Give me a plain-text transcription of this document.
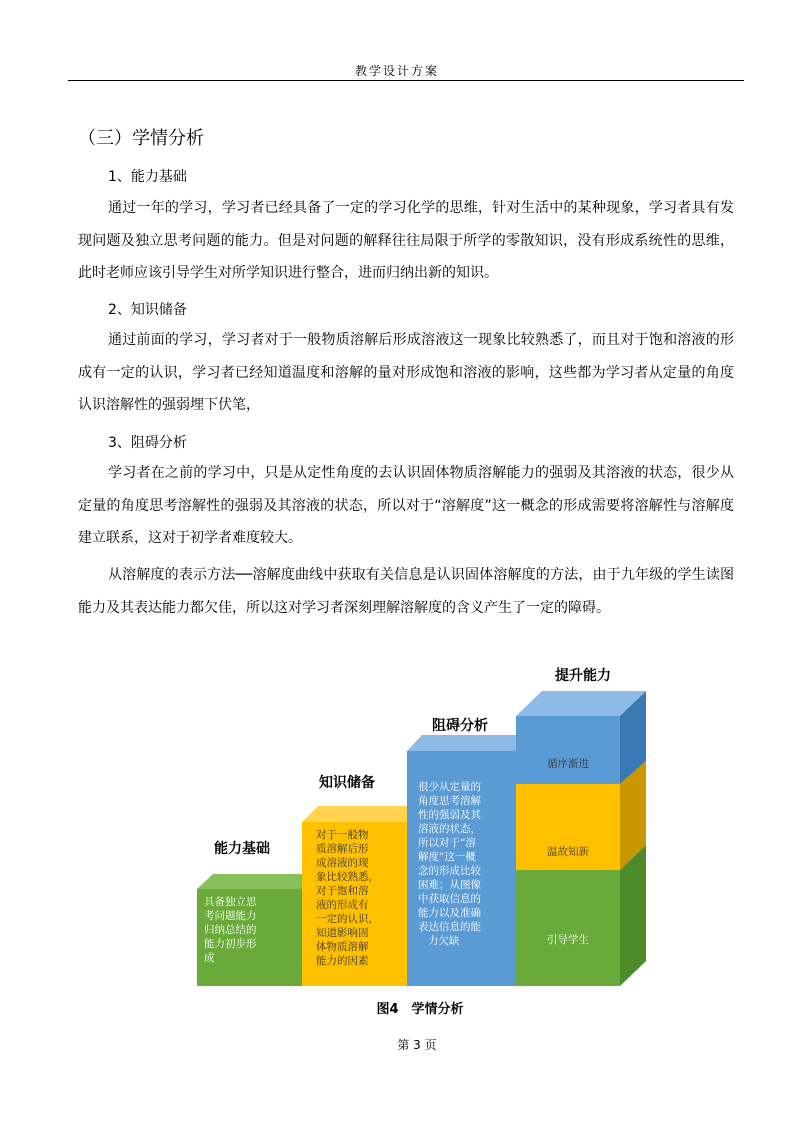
教学设计方案
（三）学情分析
1、能力基础

通过一年的学习，学习者已经具备了一定的学习化学的思维，针对生活中的某种现象，学习者具有发现问题及独立思考问题的能力。但是对问题的解释往往局限于所学的零散知识，没有形成系统性的思维，此时老师应该引导学生对所学知识进行整合，进而归纳出新的知识。

2、知识储备

通过前面的学习，学习者对于一般物质溶解后形成溶液这一现象比较熟悉了，而且对于饱和溶液的形成有一定的认识，学习者已经知道温度和溶解的量对形成饱和溶液的影响，这些都为学习者从定量的角度认识溶解性的强弱埋下伏笔，

3、阻碍分析

学习者在之前的学习中，只是从定性角度的去认识固体物质溶解能力的强弱及其溶液的状态，很少从定量的角度思考溶解性的强弱及其溶液的状态，所以对于“溶解度”这一概念的形成需要将溶解性与溶解度建立联系，这对于初学者难度较大。

从溶解度的表示方法──溶解度曲线中获取有关信息是认识固体溶解度的方法，由于九年级的学生读图能力及其表达能力都欠佳，所以这对学习者深刻理解溶解度的含义产生了一定的障碍。

能力基础
具备独立思 考问题能力 归纳总结的 能力初步形 成
知识储备
对于一般物 质溶解后形 成溶液的现 象比较熟悉， 对于饱和溶 液的形成有 一定的认识， 知道影响固 体物质溶解 能力的因素
阻碍分析
很少从定量的 角度思考溶解 性的强弱及其 溶液的状态， 所以对于“溶 解度”这一概 念的形成比较 困难；从图像 中获取信息的 能力以及准确 表达信息的能 力欠缺
提升能力
循序渐进
温故知新
引导学生
图4　学情分析
第 3 页
